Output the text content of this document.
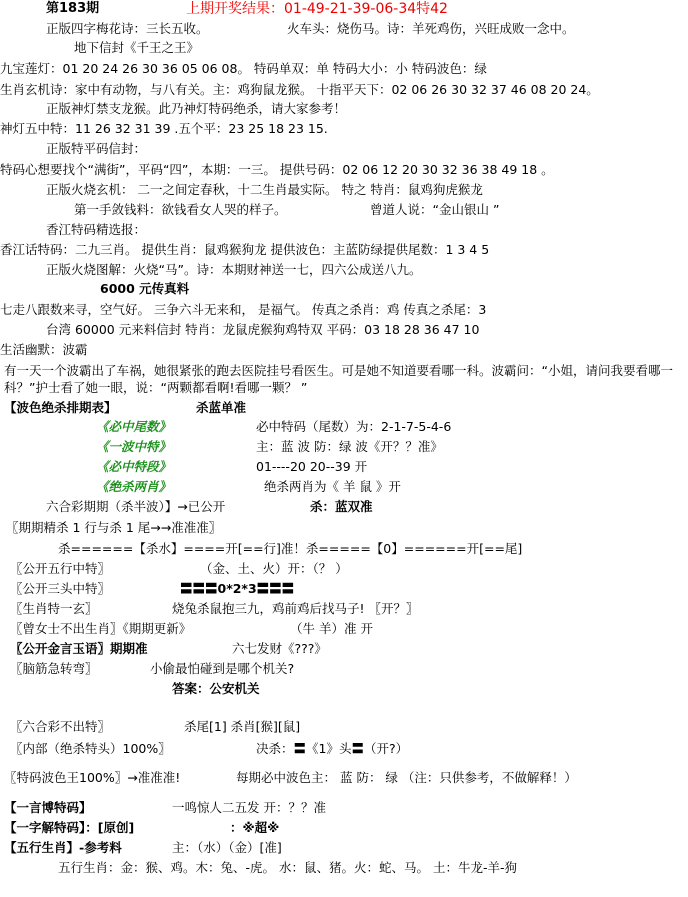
第183期	上期开奖结果：01-49-21-39-06-34特42
正版四字梅花诗：三长五收。	火车头：烧伤马。诗：羊死鸡伤，兴旺成败一念中。
地下信封《千王之王》
九宝莲灯：01 20 24 26 30 36 05 06 08。 特码单双：单 特码大小：小 特码波色：绿
生肖玄机诗：家中有动物，与八有关。主：鸡狗鼠龙猴。 十指平天下：02 06 26 30 32 37 46 08 20 24。
正版神灯禁支龙猴。此乃神灯特码绝杀，请大家参考！
神灯五中特：11 26 32 31 39 .五个平：23 25 18 23 15.
正版特平码信封：
特码心想要找个“满街”，平码“四”，本期：一三。 提供号码：02 06 12 20 30 32 36 38 49 18 。
正版火烧玄机： 二一之间定春秋，十二生肖最实际。 特之 特肖：鼠鸡狗虎猴龙
第一手敛钱料：欲钱看女人哭的样子。	曾道人说：“金山银山 ”
香江特码精选报：
香江话特码：二九三肖。 提供生肖：鼠鸡猴狗龙 提供波色：主蓝防绿提供尾数：1 3 4 5
正版火烧图解：火烧“马”。诗：本期财神送一七，四六公成送八九。
6000 元传真料
七走八跟数来寻，空气好。 三争六斗无来和， 是福气。 传真之杀肖：鸡 传真之杀尾：3
台湾 60000 元来料信封 特肖：龙鼠虎猴狗鸡特双 平码：03 18 28 36 47 10
生活幽默：波霸
有一天一个波霸出了车祸，她很紧张的跑去医院挂号看医生。可是她不知道要看哪一科。波霸问：“小姐，请问我要看哪一科？”护士看了她一眼，说：“两颗都看啊!看哪一颗？ ”
【波色绝杀排期表】	杀蓝单准
《必中尾数》	必中特码（尾数）为：2-1-7-5-4-6
《一波中特》	主：蓝 波 防：绿 波《开？？准》
《必中特段》	01----20 20--39 开
《绝杀两肖》	绝杀两肖为《 羊 鼠 》开
六合彩期期（杀半波）】→已公开	杀：蓝双准
〖期期精杀 1 行与杀 1 尾→→准准准〗
杀======【杀水】====开[==行]准！杀=====【0】======开[==尾]
〖公开五行中特〗	（金、土、火）开：（？ ）
〖公开三头中特〗	〓〓〓0*2*3〓〓〓
〖生肖特一玄〗	烧兔杀鼠抱三九，鸡前鸡后找马子! 〖开？〗
〖曾女士不出生肖〗《期期更新》	（牛 羊）准 开
〖公开金言玉语〗期期准	六七发财《???》
〖脑筋急转弯〗	小偷最怕碰到是哪个机关?
答案：公安机关
〖六合彩不出特〗	杀尾[1] 杀肖[猴][鼠]
〖内部（绝杀特头）100%〗	决杀：〓《1》头〓（开?）
〖特码波色王100%〗→准准准!	每期必中波色主： 蓝 防： 绿 （注：只供参考，不做解释！）
【一言博特码】	一鸣惊人二五发 开：？？准
【一字解特码】：[原创]	：※超※
【五行生肖】-参考料	主：（水）（金）[准]
五行生肖：金：猴、鸡。木：兔、-虎。 水：鼠、猪。火：蛇、马。 土：牛龙-羊-狗
